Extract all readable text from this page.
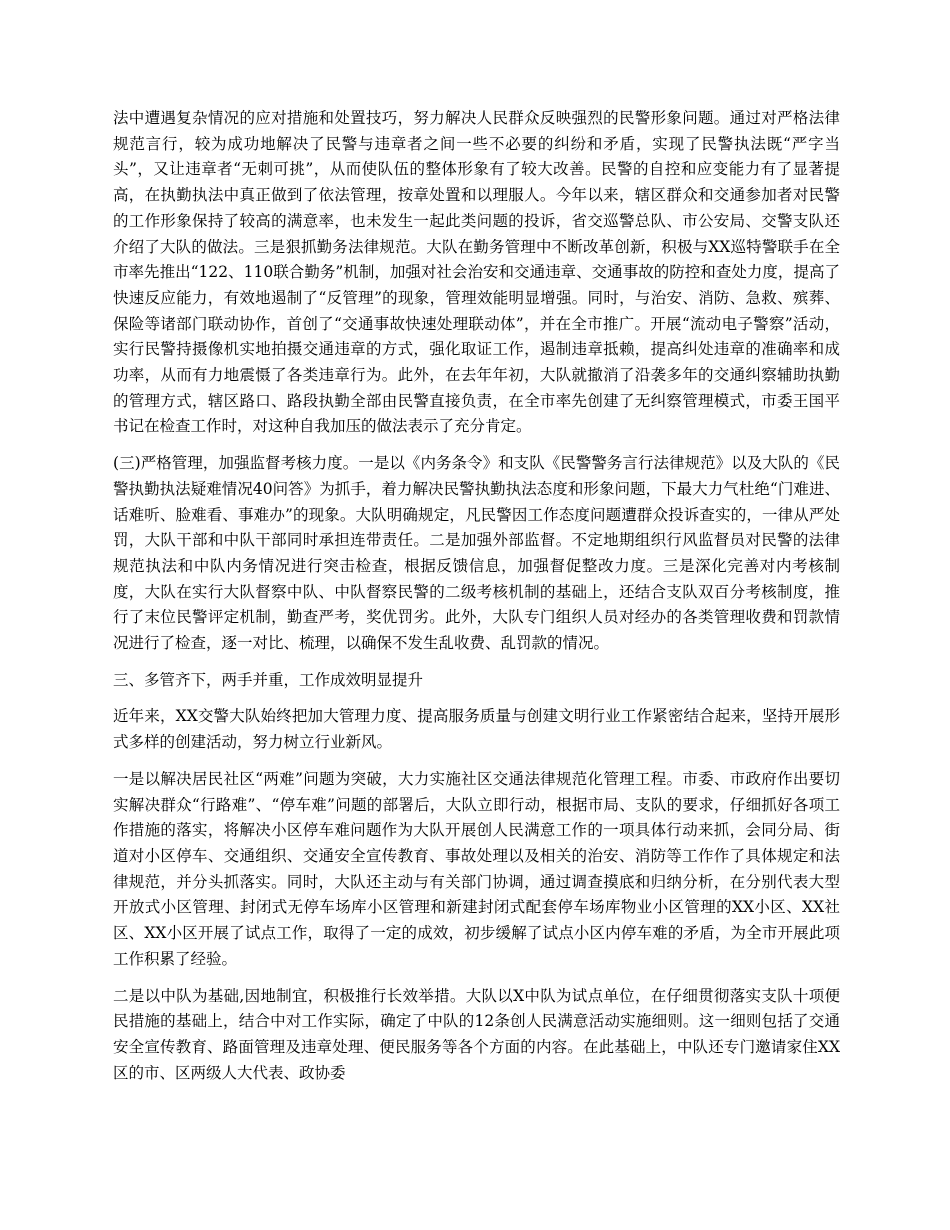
法中遭遇复杂情况的应对措施和处置技巧，努力解决人民群众反映强烈的民警形象问题。通过对严格法律规范言行，较为成功地解决了民警与违章者之间一些不必要的纠纷和矛盾，实现了民警执法既“严字当头”，又让违章者“无刺可挑”，从而使队伍的整体形象有了较大改善。民警的自控和应变能力有了显著提高，在执勤执法中真正做到了依法管理，按章处置和以理服人。今年以来，辖区群众和交通参加者对民警的工作形象保持了较高的满意率，也未发生一起此类问题的投诉，省交巡警总队、市公安局、交警支队还介绍了大队的做法。三是狠抓勤务法律规范。大队在勤务管理中不断改革创新，积极与XX巡特警联手在全市率先推出“122、110联合勤务”机制，加强对社会治安和交通违章、交通事故的防控和查处力度，提高了快速反应能力，有效地遏制了“反管理”的现象，管理效能明显增强。同时，与治安、消防、急救、殡葬、保险等诸部门联动协作，首创了“交通事故快速处理联动体”，并在全市推广。开展“流动电子警察”活动，实行民警持摄像机实地拍摄交通违章的方式，强化取证工作，遏制违章抵赖，提高纠处违章的准确率和成功率，从而有力地震慑了各类违章行为。此外，在去年年初，大队就撤消了沿袭多年的交通纠察辅助执勤的管理方式，辖区路口、路段执勤全部由民警直接负责，在全市率先创建了无纠察管理模式，市委王国平书记在检查工作时，对这种自我加压的做法表示了充分肯定。

(三)严格管理，加强监督考核力度。一是以《内务条令》和支队《民警警务言行法律规范》以及大队的《民警执勤执法疑难情况40问答》为抓手，着力解决民警执勤执法态度和形象问题，下最大力气杜绝“门难进、话难听、脸难看、事难办”的现象。大队明确规定，凡民警因工作态度问题遭群众投诉查实的，一律从严处罚，大队干部和中队干部同时承担连带责任。二是加强外部监督。不定地期组织行风监督员对民警的法律规范执法和中队内务情况进行突击检查，根据反馈信息，加强督促整改力度。三是深化完善对内考核制度，大队在实行大队督察中队、中队督察民警的二级考核机制的基础上，还结合支队双百分考核制度，推行了末位民警评定机制，勤查严考，奖优罚劣。此外，大队专门组织人员对经办的各类管理收费和罚款情况进行了检查，逐一对比、梳理，以确保不发生乱收费、乱罚款的情况。

三、多管齐下，两手并重，工作成效明显提升

近年来，XX交警大队始终把加大管理力度、提高服务质量与创建文明行业工作紧密结合起来，坚持开展形式多样的创建活动，努力树立行业新风。

一是以解决居民社区“两难”问题为突破，大力实施社区交通法律规范化管理工程。市委、市政府作出要切实解决群众“行路难”、“停车难”问题的部署后，大队立即行动，根据市局、支队的要求，仔细抓好各项工作措施的落实，将解决小区停车难问题作为大队开展创人民满意工作的一项具体行动来抓，会同分局、街道对小区停车、交通组织、交通安全宣传教育、事故处理以及相关的治安、消防等工作作了具体规定和法律规范，并分头抓落实。同时，大队还主动与有关部门协调，通过调查摸底和归纳分析，在分别代表大型开放式小区管理、封闭式无停车场库小区管理和新建封闭式配套停车场库物业小区管理的XX小区、XX社区、XX小区开展了试点工作，取得了一定的成效，初步缓解了试点小区内停车难的矛盾，为全市开展此项工作积累了经验。

二是以中队为基础,因地制宜，积极推行长效举措。大队以X中队为试点单位，在仔细贯彻落实支队十项便民措施的基础上，结合中对工作实际，确定了中队的12条创人民满意活动实施细则。这一细则包括了交通安全宣传教育、路面管理及违章处理、便民服务等各个方面的内容。在此基础上，中队还专门邀请家住XX区的市、区两级人大代表、政协委
